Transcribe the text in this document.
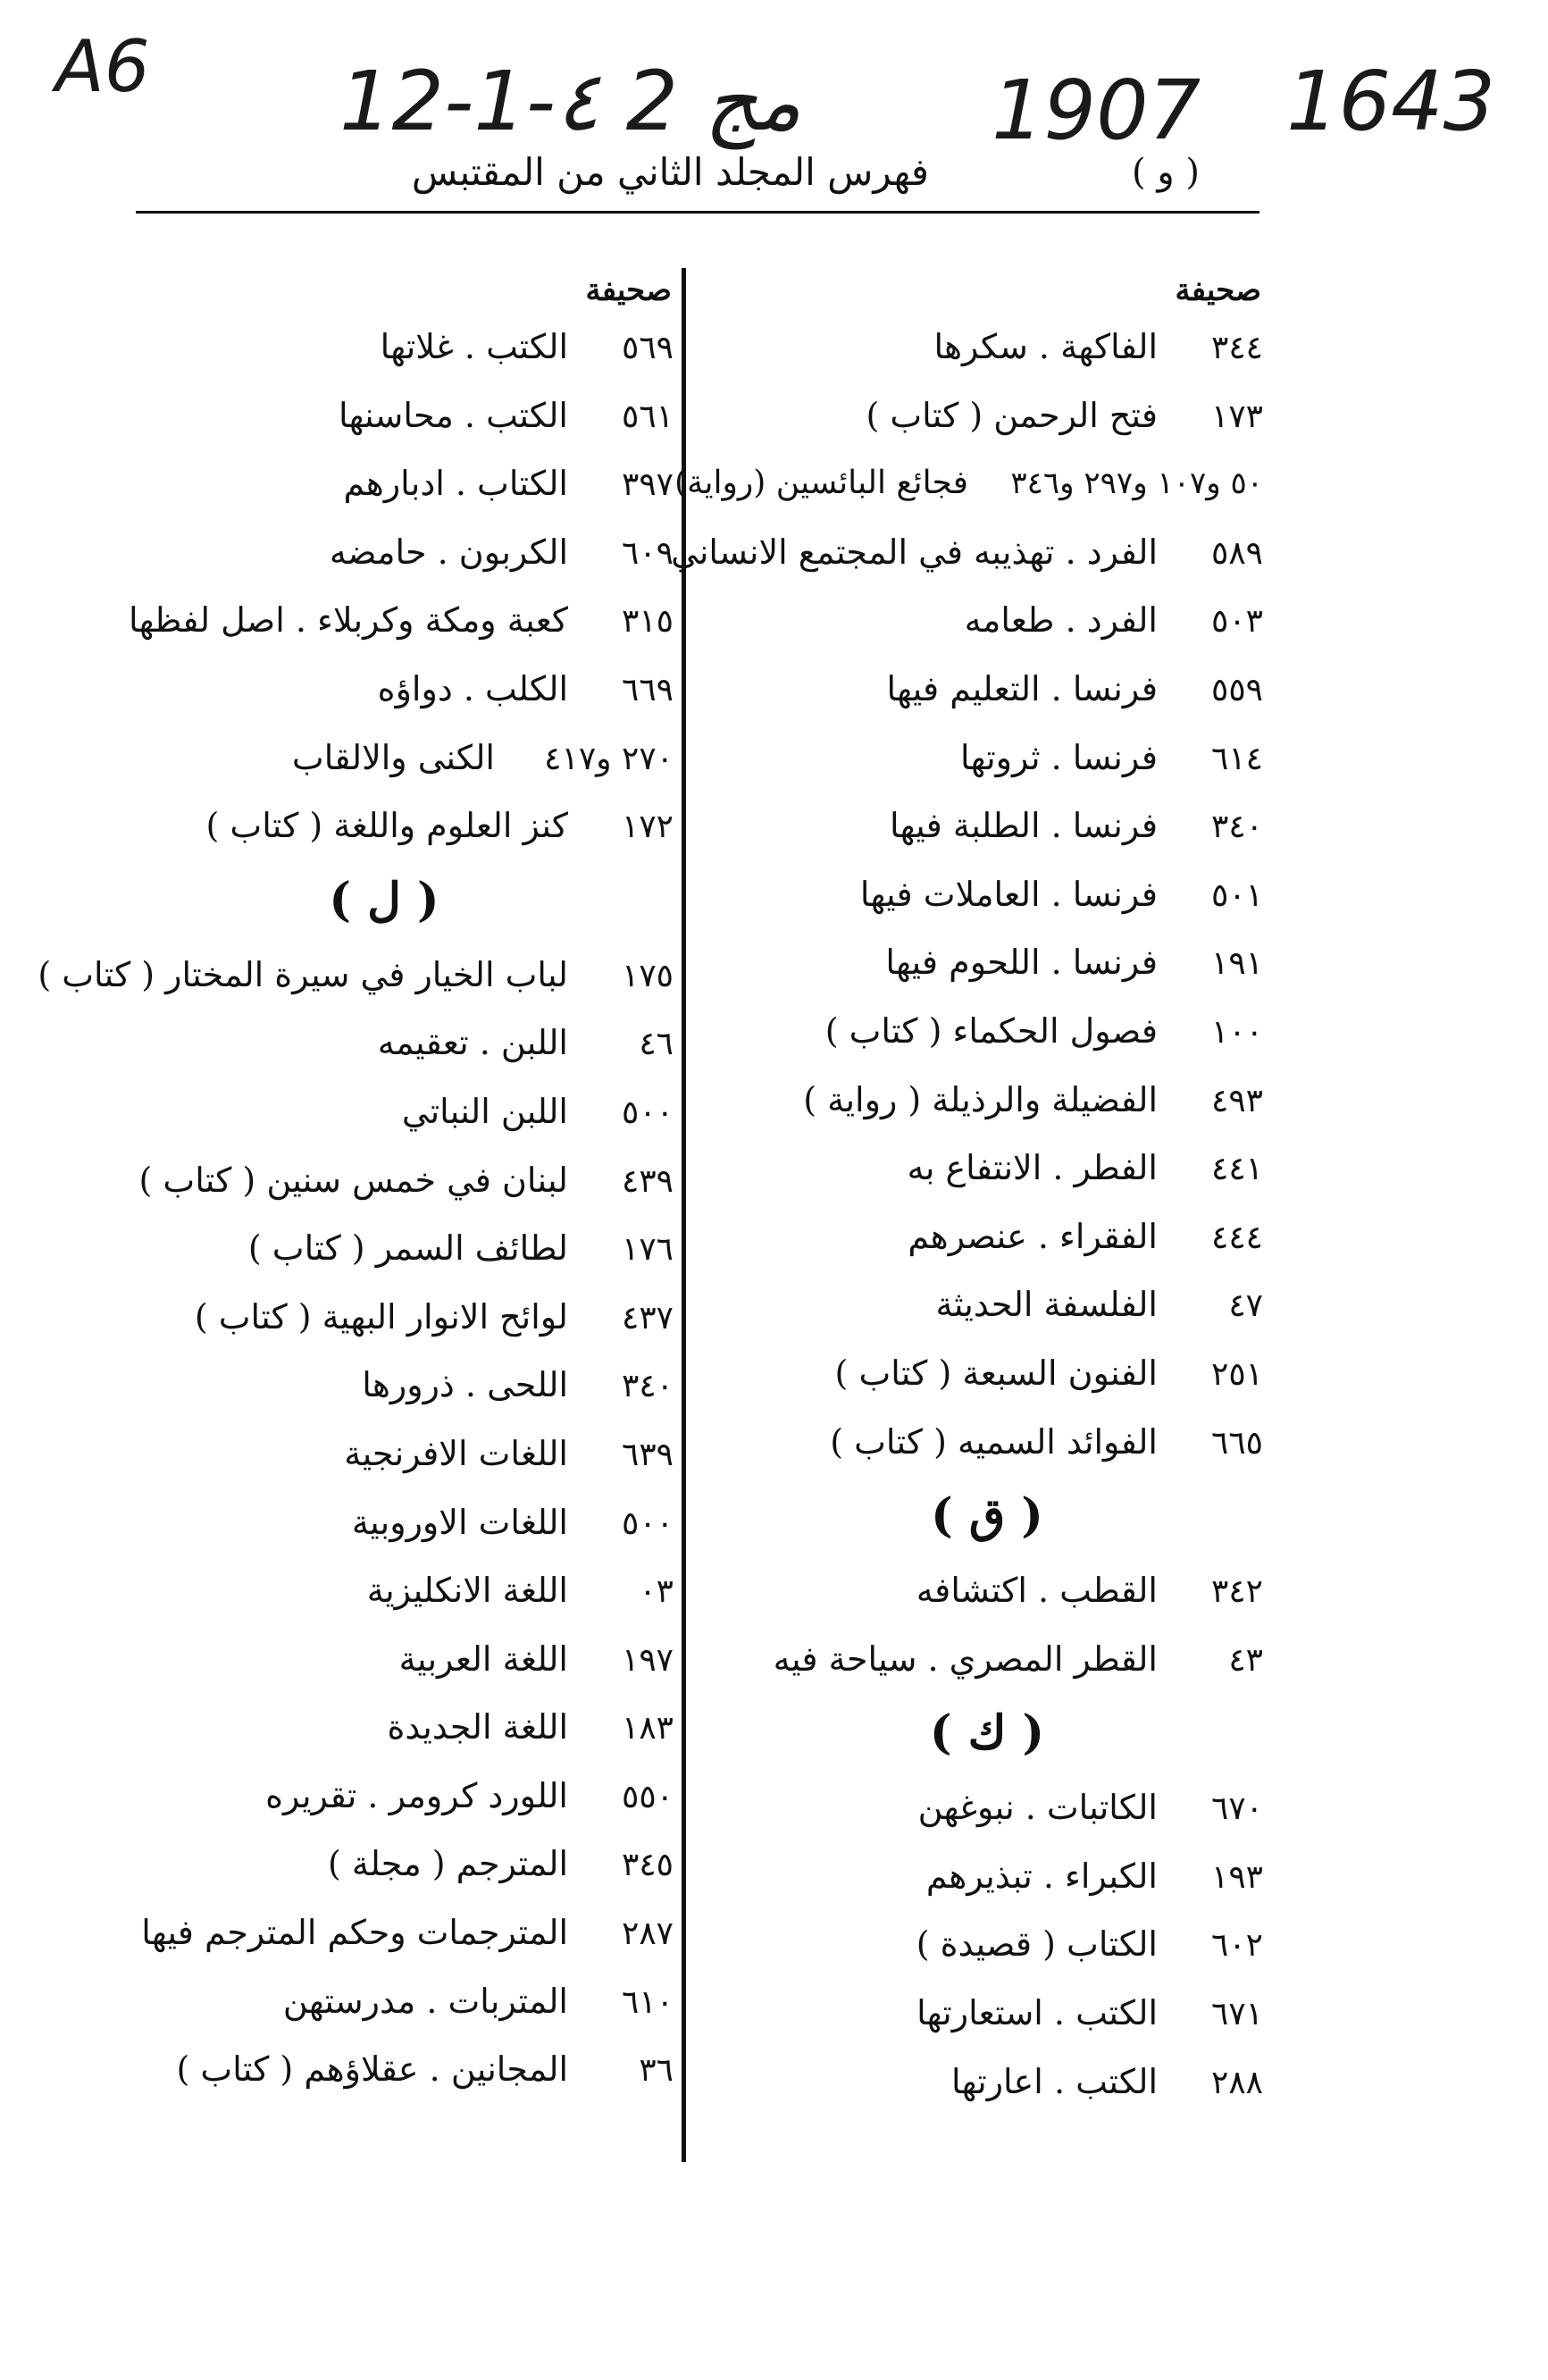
A6 12-1-٤ 2 مج 1907 1643
فهرس المجلد الثاني من المقتبس	( و )
صحيفة
٣٤٤
الفاكهة . سكرها
١٧٣
فتح الرحمن ( كتاب )
٥٠ و١٠٧ و٢٩٧ و٣٤٦
فجائع البائسين (رواية)
٥٨٩
الفرد . تهذيبه في المجتمع الانساني
٥٠٣
الفرد . طعامه
٥٥٩
فرنسا . التعليم فيها
٦١٤
فرنسا . ثروتها
٣٤٠
فرنسا . الطلبة فيها
٥٠١
فرنسا . العاملات فيها
١٩١
فرنسا . اللحوم فيها
١٠٠
فصول الحكماء ( كتاب )
٤٩٣
الفضيلة والرذيلة ( رواية )
٤٤١
الفطر . الانتفاع به
٤٤٤
الفقراء . عنصرهم
٤٧
الفلسفة الحديثة
٢٥١
الفنون السبعة ( كتاب )
٦٦٥
الفوائد السميه ( كتاب )
( ق )
٣٤٢
القطب . اكتشافه
٤٣
القطر المصري . سياحة فيه
( ك )
٦٧٠
الكاتبات . نبوغهن
١٩٣
الكبراء . تبذيرهم
٦٠٢
الكتاب ( قصيدة )
٦٧١
الكتب . استعارتها
٢٨٨
الكتب . اعارتها
صحيفة
٥٦٩
الكتب . غلاتها
٥٦١
الكتب . محاسنها
٣٩٧
الكتاب . ادبارهم
٦٠٩
الكربون . حامضه
٣١٥
كعبة ومكة وكربلاء . اصل لفظها
٦٦٩
الكلب . دواؤه
٢٧٠ و٤١٧
الكنى والالقاب
١٧٢
كنز العلوم واللغة ( كتاب )
( ل )
١٧٥
لباب الخيار في سيرة المختار ( كتاب )
٤٦
اللبن . تعقيمه
٥٠٠
اللبن النباتي
٤٣٩
لبنان في خمس سنين ( كتاب )
١٧٦
لطائف السمر ( كتاب )
٤٣٧
لوائح الانوار البهية ( كتاب )
٣٤٠
اللحى . ذرورها
٦٣٩
اللغات الافرنجية
٥٠٠
اللغات الاوروبية
٠٣
اللغة الانكليزية
١٩٧
اللغة العربية
١٨٣
اللغة الجديدة
٥٥٠
اللورد كرومر . تقريره
٣٤٥
المترجم ( مجلة )
٢٨٧
المترجمات وحكم المترجم فيها
٦١٠
المتربات . مدرستهن
٣٦
المجانين . عقلاؤهم ( كتاب )
